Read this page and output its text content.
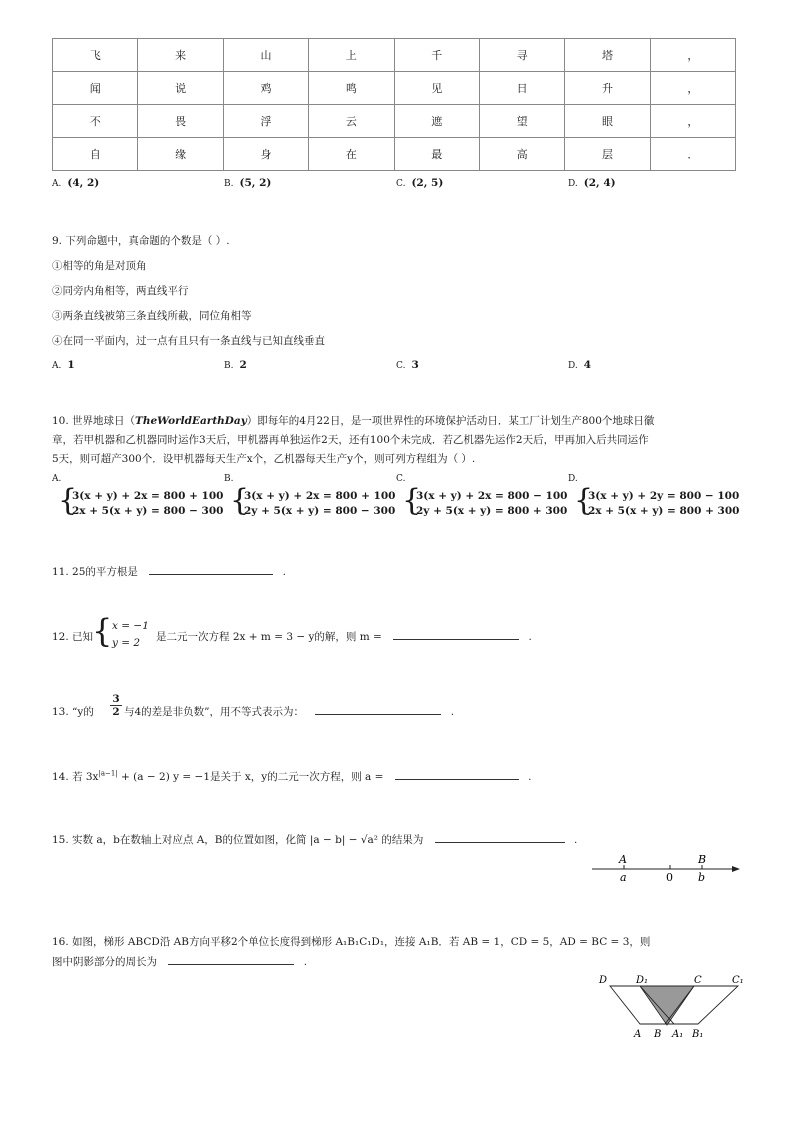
飞	来	山	上	千	寻	塔	，
闻	说	鸡	鸣	见	日	升	，
不	畏	浮	云	遮	望	眼	，
自	缘	身	在	最	高	层	．
A. (4, 2)	B. (5, 2)	C. (2, 5)	D. (2, 4)
9. 下列命题中，真命题的个数是（ ）.
①相等的角是对顶角
②同旁内角相等，两直线平行
③两条直线被第三条直线所截，同位角相等
④在同一平面内，过一点有且只有一条直线与已知直线垂直
A. 1	B. 2	C. 3	D. 4
10. 世界地球日（TheWorldEarthDay）即每年的4月22日，是一项世界性的环境保护活动日．某工厂计划生产800个地球日徽
章，若甲机器和乙机器同时运作3天后，甲机器再单独运作2天，还有100个未完成．若乙机器先运作2天后，甲再加入后共同运作
5天，则可超产300个．设甲机器每天生产x个，乙机器每天生产y个，则可列方程组为（ ）.
A.
{
3(x + y) + 2x = 800 + 100
2x + 5(x + y) = 800 − 300
B.
{
3(x + y) + 2x = 800 + 100
2y + 5(x + y) = 800 − 300
C.
{
3(x + y) + 2x = 800 − 100
2y + 5(x + y) = 800 + 300
D.
{
3(x + y) + 2y = 800 − 100
2x + 5(x + y) = 800 + 300
11. 25的平方根是	.
12. 已知
{ x = −1
y = 2 是二元一次方程 2x + m = 3 − y的解，则 m =	.
13. “y的 $\frac{3}{2}$ 与4的差是非负数”，用不等式表示为：	.
14. 若 $3x^{|a-1|} + (a - 2) y = -1$是关于 x，y的二元一次方程，则 a =	.
15. 实数 a，b在数轴上对应点 A，B的位置如图，化简 |a − b| − √a² 的结果为	.
A	B
a	0 b
16. 如图，梯形 ABCD沿 AB方向平移2个单位长度得到梯形 A₁B₁C₁D₁，连接 A₁B．若 AB = 1，CD = 5，AD = BC = 3，则
图中阴影部分的周长为	.
D	D₁	C	C₁
A B A₁ B₁
